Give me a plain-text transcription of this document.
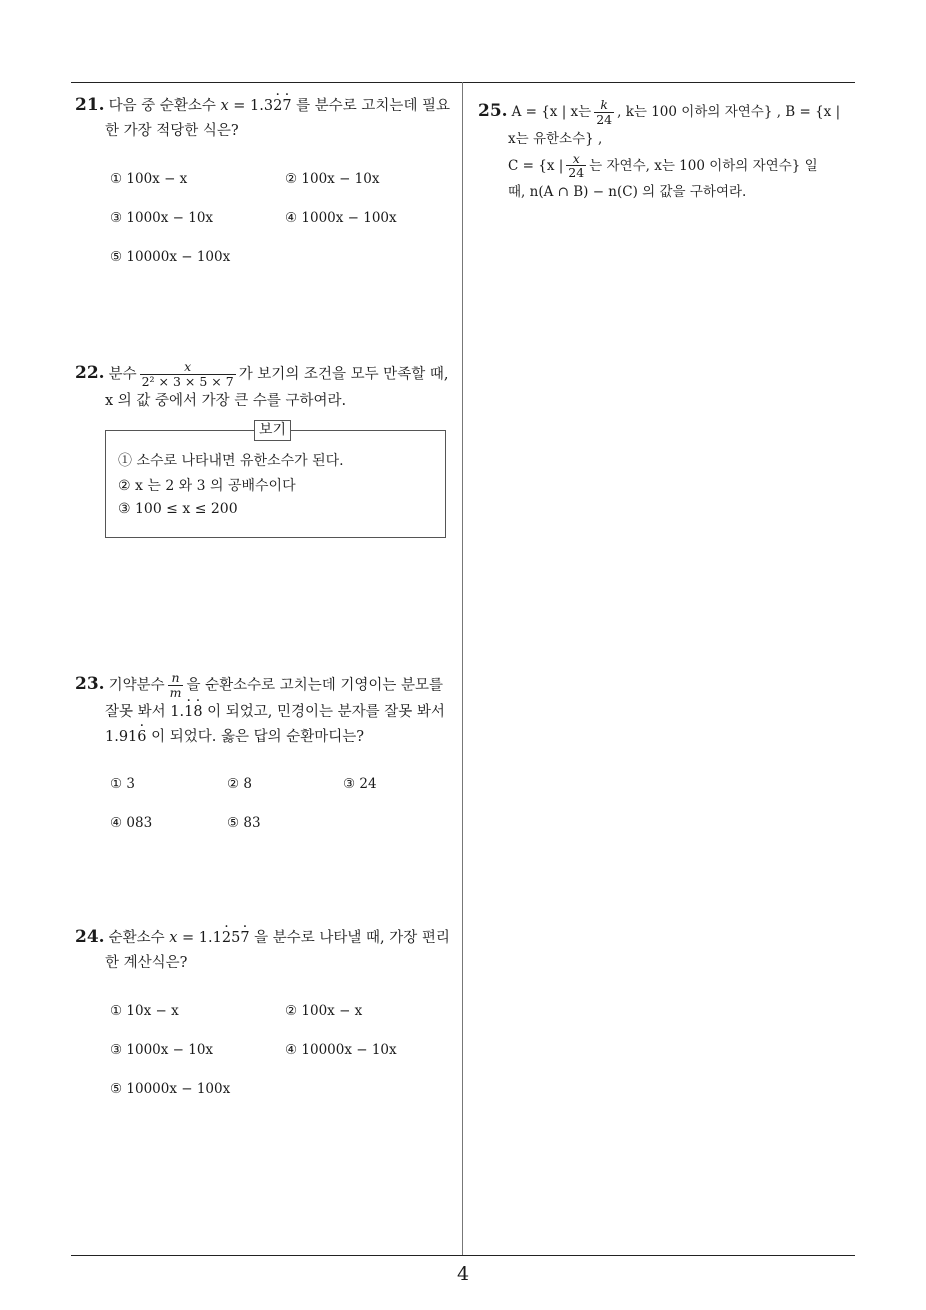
21. 다음 중 순환소수 x = 1.3· 2· 7 를 분수로 고치는데 필요
한 가장 적당한 식은?
① 100x − x	② 100x − 10x
③ 1000x − 10x	④ 1000x − 100x
⑤ 10000x − 100x
22. 분수 $\frac{x}{\text{2² × 3 × 5 × 7}}$ 가 보기의 조건을 모두 만족할 때,
x 의 값 중에서 가장 큰 수를 구하여라.
보기
① 소수로 나타내면 유한소수가 된다.
② x 는 2 와 3 의 공배수이다
③ 100 ≤ x ≤ 200
23. 기약분수 $\frac{n}{m}$ 을 순환소수로 고치는데 기영이는 분모를
잘못 봐서 1.· 1· 8 이 되었고, 민경이는 분자를 잘못 봐서
1.91· 6 이 되었다. 옳은 답의 순환마디는?
① 3	② 8	③ 24
④ 083	⑤ 83
24. 순환소수 x = 1.1· 25· 7 을 분수로 나타낼 때, 가장 편리
한 계산식은?
① 10x − x	② 100x − x
③ 1000x − 10x	④ 10000x − 10x
⑤ 10000x − 100x
25. A = {x | x는 $\frac{k}{24}$ , k는 100 이하의 자연수} , B = {x |
x는 유한소수} ,
C = {x | $\frac{x}{24}$ 는 자연수, x는 100 이하의 자연수} 일
때, n(A ∩ B) − n(C) 의 값을 구하여라.
4
